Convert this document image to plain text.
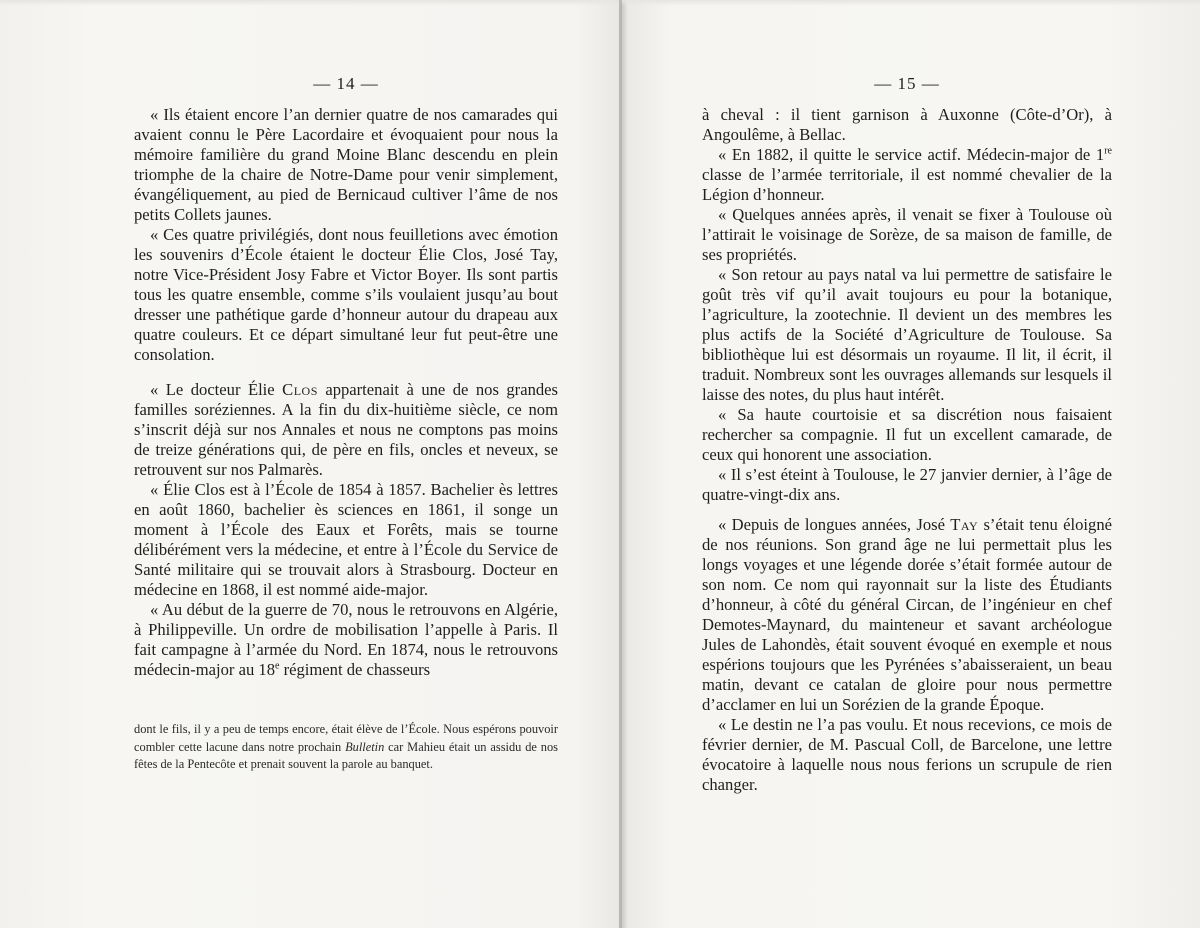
— 14 —

« Ils étaient encore l’an dernier quatre de nos camarades qui avaient connu le Père Lacordaire et évoquaient pour nous la mémoire familière du grand Moine Blanc descendu en plein triomphe de la chaire de Notre-Dame pour venir simplement, évangéliquement, au pied de Bernicaud cultiver l’âme de nos petits Collets jaunes.

« Ces quatre privilégiés, dont nous feuilletions avec émotion les souvenirs d’École étaient le docteur Élie Clos, José Tay, notre Vice-Président Josy Fabre et Victor Boyer. Ils sont partis tous les quatre ensemble, comme s’ils voulaient jusqu’au bout dresser une pathétique garde d’honneur autour du drapeau aux quatre couleurs. Et ce départ simultané leur fut peut-être une consolation.

« Le docteur Élie Clos appartenait à une de nos grandes familles soréziennes. A la fin du dix-huitième siècle, ce nom s’inscrit déjà sur nos Annales et nous ne comptons pas moins de treize générations qui, de père en fils, oncles et neveux, se retrouvent sur nos Palmarès.

« Élie Clos est à l’École de 1854 à 1857. Bachelier ès lettres en août 1860, bachelier ès sciences en 1861, il songe un moment à l’École des Eaux et Forêts, mais se tourne délibérément vers la médecine, et entre à l’École du Service de Santé militaire qui se trouvait alors à Strasbourg. Docteur en médecine en 1868, il est nommé aide-major.

« Au début de la guerre de 70, nous le retrouvons en Algérie, à Philippeville. Un ordre de mobilisation l’appelle à Paris. Il fait campagne à l’armée du Nord. En 1874, nous le retrouvons médecin-major au 18e régiment de chasseurs

dont le fils, il y a peu de temps encore, était élève de l’École. Nous espérons pouvoir combler cette lacune dans notre prochain Bulletin car Mahieu était un assidu de nos fêtes de la Pentecôte et prenait souvent la parole au banquet.

— 15 —

à cheval : il tient garnison à Auxonne (Côte-d’Or), à Angoulême, à Bellac.

« En 1882, il quitte le service actif. Médecin-major de 1re classe de l’armée territoriale, il est nommé chevalier de la Légion d’honneur.

« Quelques années après, il venait se fixer à Toulouse où l’attirait le voisinage de Sorèze, de sa maison de famille, de ses propriétés.

« Son retour au pays natal va lui permettre de satisfaire le goût très vif qu’il avait toujours eu pour la botanique, l’agriculture, la zootechnie. Il devient un des membres les plus actifs de la Société d’Agriculture de Toulouse. Sa bibliothèque lui est désormais un royaume. Il lit, il écrit, il traduit. Nombreux sont les ouvrages allemands sur lesquels il laisse des notes, du plus haut intérêt.

« Sa haute courtoisie et sa discrétion nous faisaient rechercher sa compagnie. Il fut un excellent camarade, de ceux qui honorent une association.

« Il s’est éteint à Toulouse, le 27 janvier dernier, à l’âge de quatre-vingt-dix ans.

« Depuis de longues années, José Tay s’était tenu éloigné de nos réunions. Son grand âge ne lui permettait plus les longs voyages et une légende dorée s’était formée autour de son nom. Ce nom qui rayonnait sur la liste des Étudiants d’honneur, à côté du général Circan, de l’ingénieur en chef Demotes-Maynard, du mainteneur et savant archéologue Jules de Lahondès, était souvent évoqué en exemple et nous espérions toujours que les Pyrénées s’abaisseraient, un beau matin, devant ce catalan de gloire pour nous permettre d’acclamer en lui un Sorézien de la grande Époque.

« Le destin ne l’a pas voulu. Et nous recevions, ce mois de février dernier, de M. Pascual Coll, de Barcelone, une lettre évocatoire à laquelle nous nous ferions un scrupule de rien changer.
